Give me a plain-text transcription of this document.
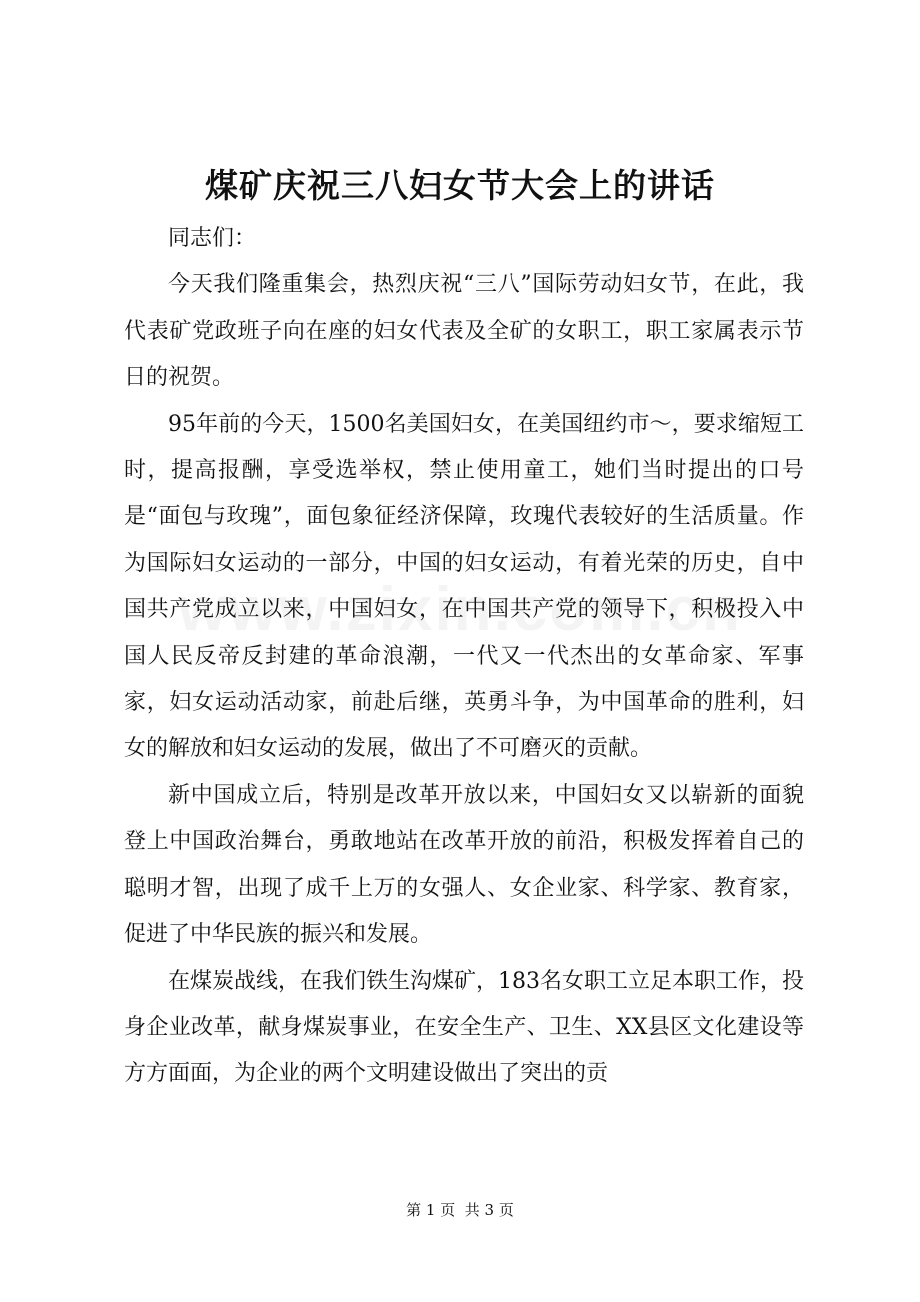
煤矿庆祝三八妇女节大会上的讲话

同志们：

今天我们隆重集会，热烈庆祝“三八”国际劳动妇女节，在此，我代表矿党政班子向在座的妇女代表及全矿的女职工，职工家属表示节日的祝贺。

95年前的今天，1500名美国妇女，在美国纽约市～，要求缩短工时，提高报酬，享受选举权，禁止使用童工，她们当时提出的口号是“面包与玫瑰”，面包象征经济保障，玫瑰代表较好的生活质量。作为国际妇女运动的一部分，中国的妇女运动，有着光荣的历史，自中国共产党成立以来，中国妇女，在中国共产党的领导下，积极投入中国人民反帝反封建的革命浪潮，一代又一代杰出的女革命家、军事家，妇女运动活动家，前赴后继，英勇斗争，为中国革命的胜利，妇女的解放和妇女运动的发展，做出了不可磨灭的贡献。

新中国成立后，特别是改革开放以来，中国妇女又以崭新的面貌登上中国政治舞台，勇敢地站在改革开放的前沿，积极发挥着自己的聪明才智，出现了成千上万的女强人、女企业家、科学家、教育家，促进了中华民族的振兴和发展。

在煤炭战线，在我们铁生沟煤矿，183名女职工立足本职工作，投身企业改革，献身煤炭事业，在安全生产、卫生、XX县区文化建设等方方面面，为企业的两个文明建设做出了突出的贡

第 1 页  共 3 页
